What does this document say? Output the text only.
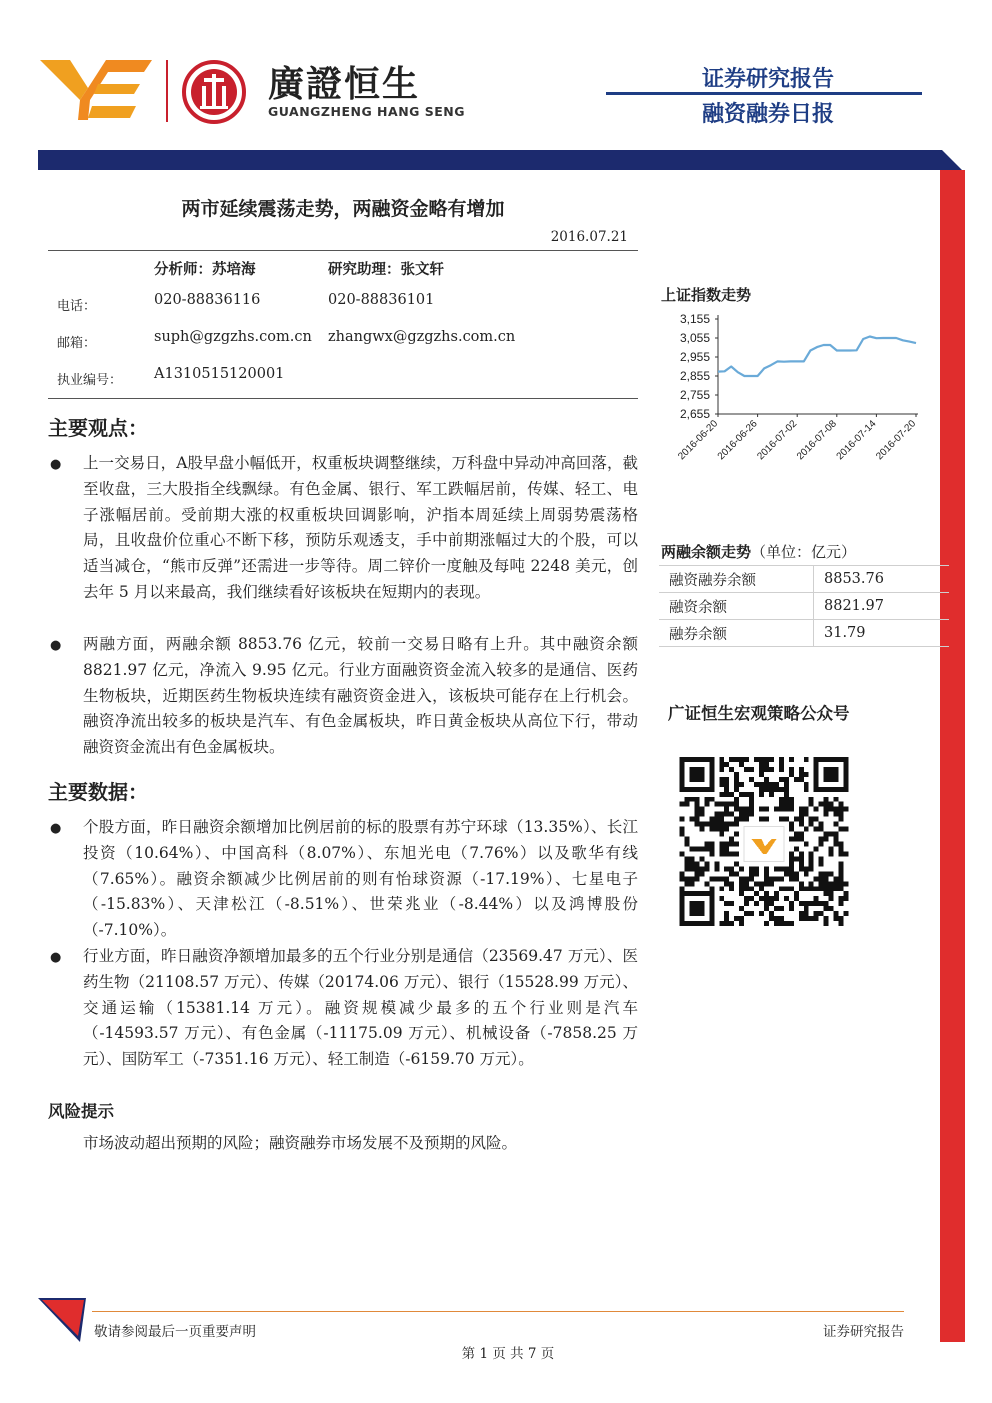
廣證恒生
GUANGZHENG HANG SENG
证券研究报告
融资融券日报
两市延续震荡走势，两融资金略有增加
2016.07.21
分析师：苏培海	研究助理：张文轩
电话：	020-88836116	020-88836101
邮箱：	suph@gzgzhs.com.cn zhangwx@gzgzhs.com.cn
执业编号： A1310515120001
主要观点：
● 上一交易日，A股早盘小幅低开，权重板块调整继续，万科盘中异动冲高回落，截至收盘，三大股指全线飘绿。有色金属、银行、军工跌幅居前，传媒、轻工、电子涨幅居前。受前期大涨的权重板块回调影响，沪指本周延续上周弱势震荡格局，且收盘价位重心不断下移，预防乐观透支，手中前期涨幅过大的个股，可以适当减仓，“熊市反弹”还需进一步等待。周二锌价一度触及每吨 2248 美元，创去年 5 月以来最高，我们继续看好该板块在短期内的表现。
● 两融方面，两融余额 8853.76 亿元，较前一交易日略有上升。其中融资余额 8821.97 亿元，净流入 9.95 亿元。行业方面融资资金流入较多的是通信、医药生物板块，近期医药生物板块连续有融资资金进入，该板块可能存在上行机会。融资净流出较多的板块是汽车、有色金属板块，昨日黄金板块从高位下行，带动融资资金流出有色金属板块。
主要数据：
● 个股方面，昨日融资余额增加比例居前的标的股票有苏宁环球（13.35%）、长江投资（10.64%）、中国高科（8.07%）、东旭光电（7.76%）以及歌华有线（7.65%）。融资余额减少比例居前的则有怡球资源（-17.19%）、七星电子（-15.83%）、天津松江（-8.51%）、世荣兆业（-8.44%）以及鸿博股份（-7.10%）。
● 行业方面，昨日融资净额增加最多的五个行业分别是通信（23569.47 万元）、医药生物（21108.57 万元）、传媒（20174.06 万元）、银行（15528.99 万元）、交通运输（15381.14 万元）。融资规模减少最多的五个行业则是汽车（-14593.57 万元）、有色金属（-11175.09 万元）、机械设备（-7858.25 万元）、国防军工（-7351.16 万元）、轻工制造（-6159.70 万元）。
风险提示
市场波动超出预期的风险；融资融券市场发展不及预期的风险。
上证指数走势
3,155
3,055
2,955
2,855
2,755
2,655
2016-06-20
2016-06-26
2016-07-02
2016-07-08
2016-07-14
2016-07-20
两融余额走势（单位：亿元）
融资融券余额	8853.76
融资余额	8821.97
融券余额	31.79
广证恒生宏观策略公众号
敬请参阅最后一页重要声明	证券研究报告
第 1 页 共 7 页
